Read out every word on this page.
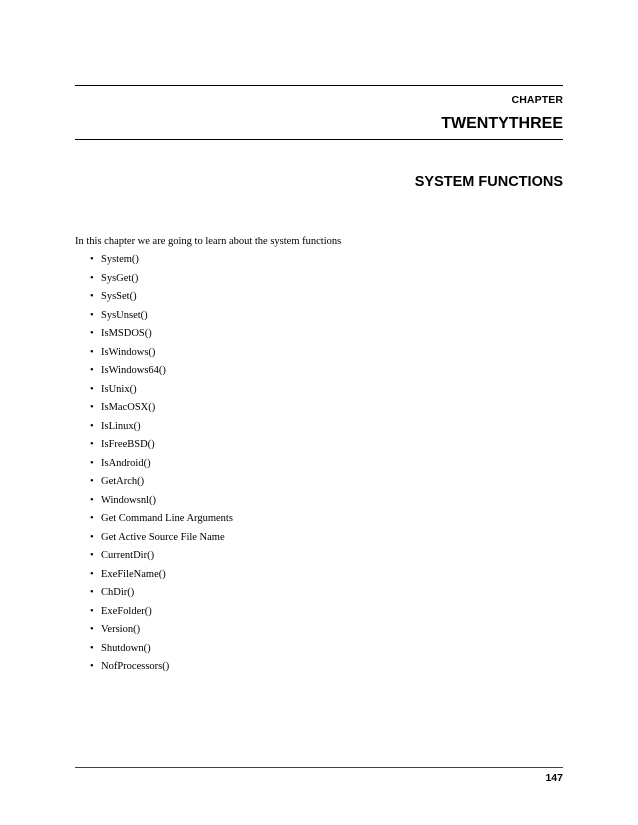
CHAPTER
TWENTYTHREE
SYSTEM FUNCTIONS
In this chapter we are going to learn about the system functions
• System()
• SysGet()
• SysSet()
• SysUnset()
• IsMSDOS()
• IsWindows()
• IsWindows64()
• IsUnix()
• IsMacOSX()
• IsLinux()
• IsFreeBSD()
• IsAndroid()
• GetArch()
• Windowsnl()
• Get Command Line Arguments
• Get Active Source File Name
• CurrentDir()
• ExeFileName()
• ChDir()
• ExeFolder()
• Version()
• Shutdown()
• NofProcessors()
147
